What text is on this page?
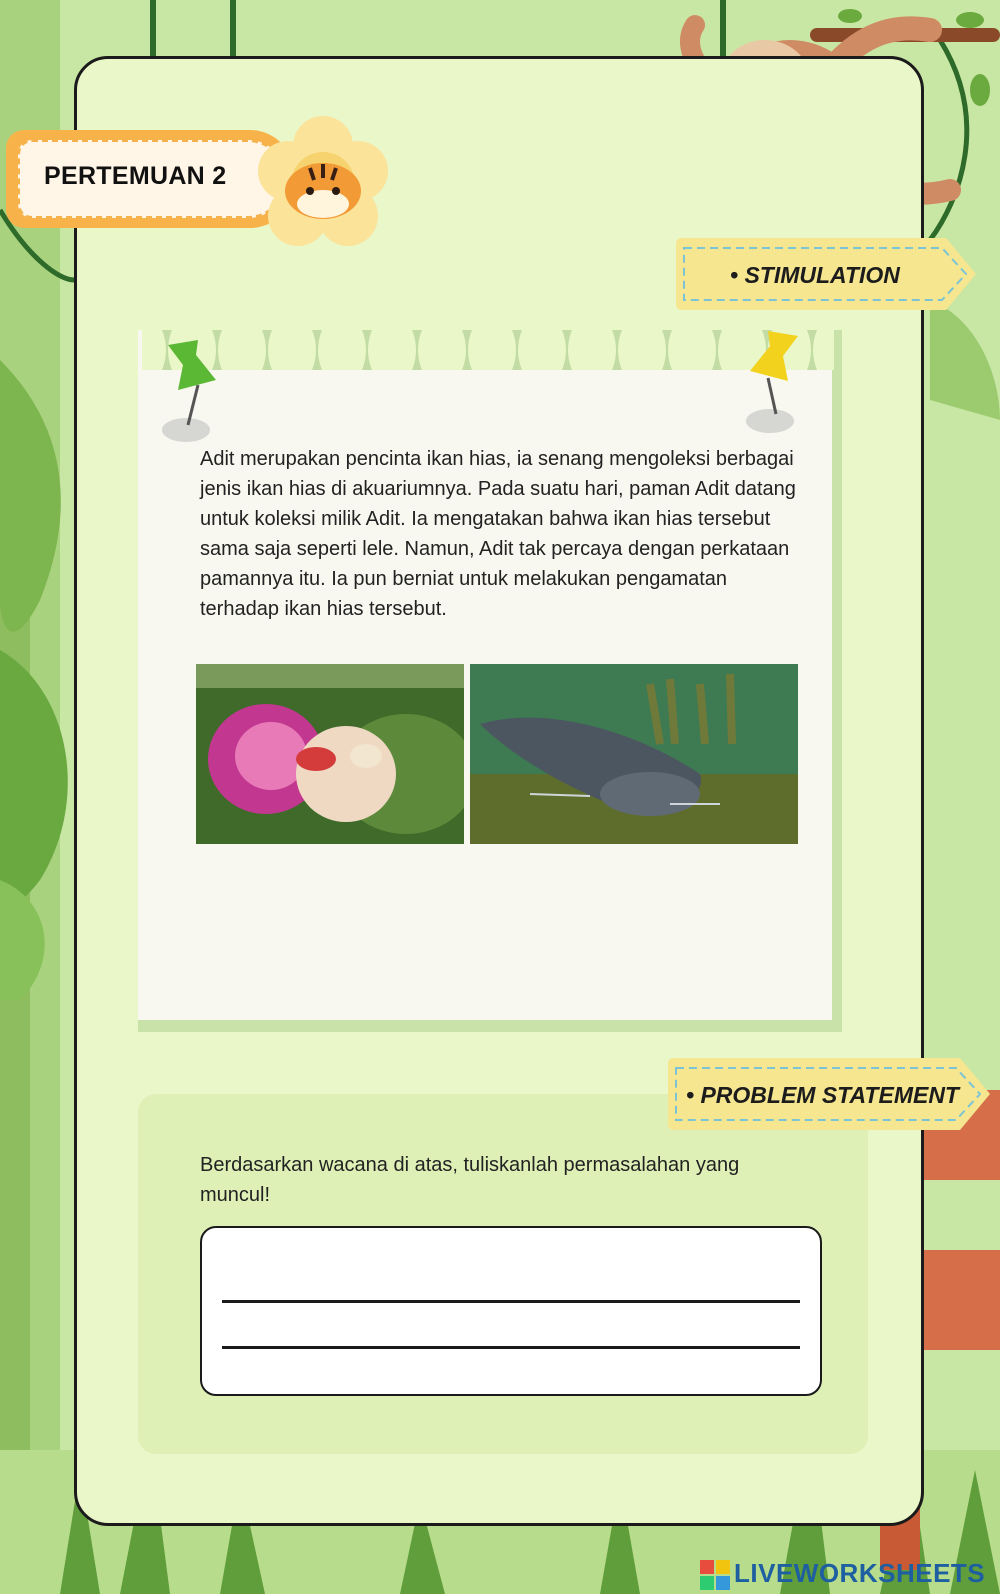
PERTEMUAN 2
• STIMULATION

Adit merupakan pencinta ikan hias, ia senang mengoleksi berbagai jenis ikan hias di akuariumnya. Pada suatu hari, paman Adit datang untuk koleksi milik Adit. Ia mengatakan bahwa ikan hias tersebut sama saja seperti lele. Namun, Adit tak percaya dengan perkataan pamannya itu. Ia pun berniat untuk melakukan pengamatan terhadap ikan hias tersebut.

• PROBLEM STATEMENT

Berdasarkan wacana di atas, tuliskanlah permasalahan yang muncul!

LIVEWORKSHEETS
